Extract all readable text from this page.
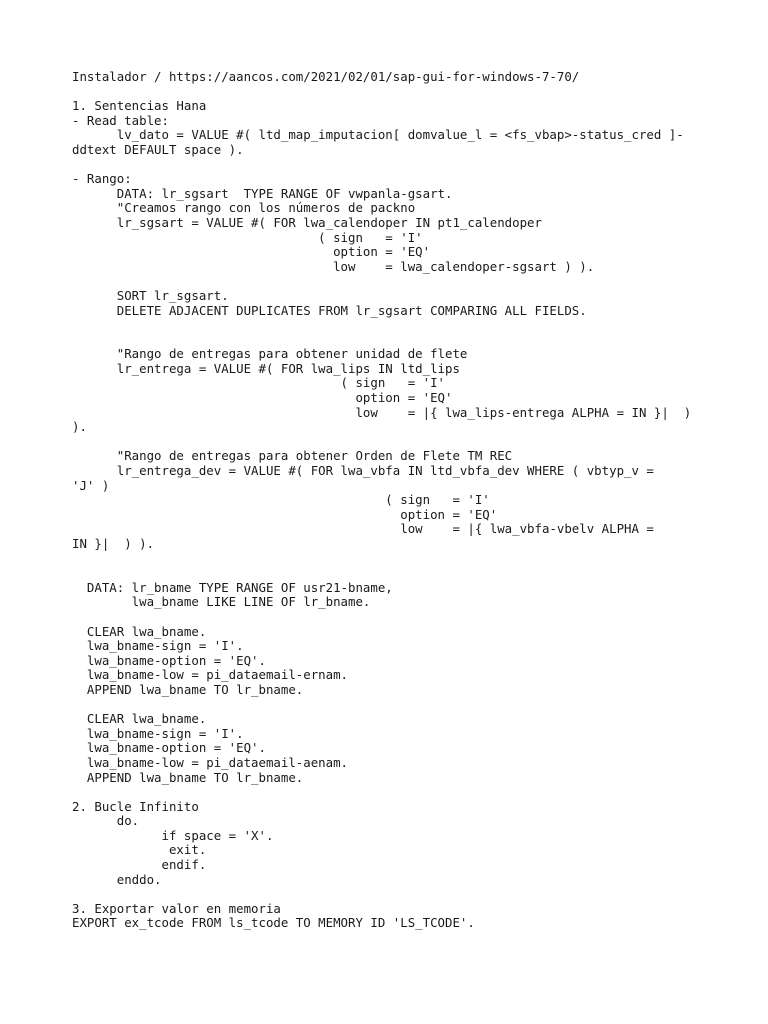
Instalador / https://aancos.com/2021/02/01/sap-gui-for-windows-7-70/
1. Sentencias Hana
- Read table:
lv_dato = VALUE #( ltd_map_imputacion[ domvalue_l = <fs_vbap>-status_cred ]-
ddtext DEFAULT space ).
- Rango:
DATA: lr_sgsart  TYPE RANGE OF vwpanla-gsart.
"Creamos rango con los números de packno
lr_sgsart = VALUE #( FOR lwa_calendoper IN pt1_calendoper
( sign   = 'I'
option = 'EQ'
low    = lwa_calendoper-sgsart ) ).
SORT lr_sgsart.
DELETE ADJACENT DUPLICATES FROM lr_sgsart COMPARING ALL FIELDS.
"Rango de entregas para obtener unidad de flete
lr_entrega = VALUE #( FOR lwa_lips IN ltd_lips
( sign   = 'I'
option = 'EQ'
low    = |{ lwa_lips-entrega ALPHA = IN }|  )
).
"Rango de entregas para obtener Orden de Flete TM REC
lr_entrega_dev = VALUE #( FOR lwa_vbfa IN ltd_vbfa_dev WHERE ( vbtyp_v =
'J' )
( sign   = 'I'
option = 'EQ'
low    = |{ lwa_vbfa-vbelv ALPHA =
IN }|  ) ).
DATA: lr_bname TYPE RANGE OF usr21-bname,
lwa_bname LIKE LINE OF lr_bname.
CLEAR lwa_bname.
lwa_bname-sign = 'I'.
lwa_bname-option = 'EQ'.
lwa_bname-low = pi_dataemail-ernam.
APPEND lwa_bname TO lr_bname.
CLEAR lwa_bname.
lwa_bname-sign = 'I'.
lwa_bname-option = 'EQ'.
lwa_bname-low = pi_dataemail-aenam.
APPEND lwa_bname TO lr_bname.
2. Bucle Infinito
do.
if space = 'X'.
exit.
endif.
enddo.
3. Exportar valor en memoria
EXPORT ex_tcode FROM ls_tcode TO MEMORY ID 'LS_TCODE'.
